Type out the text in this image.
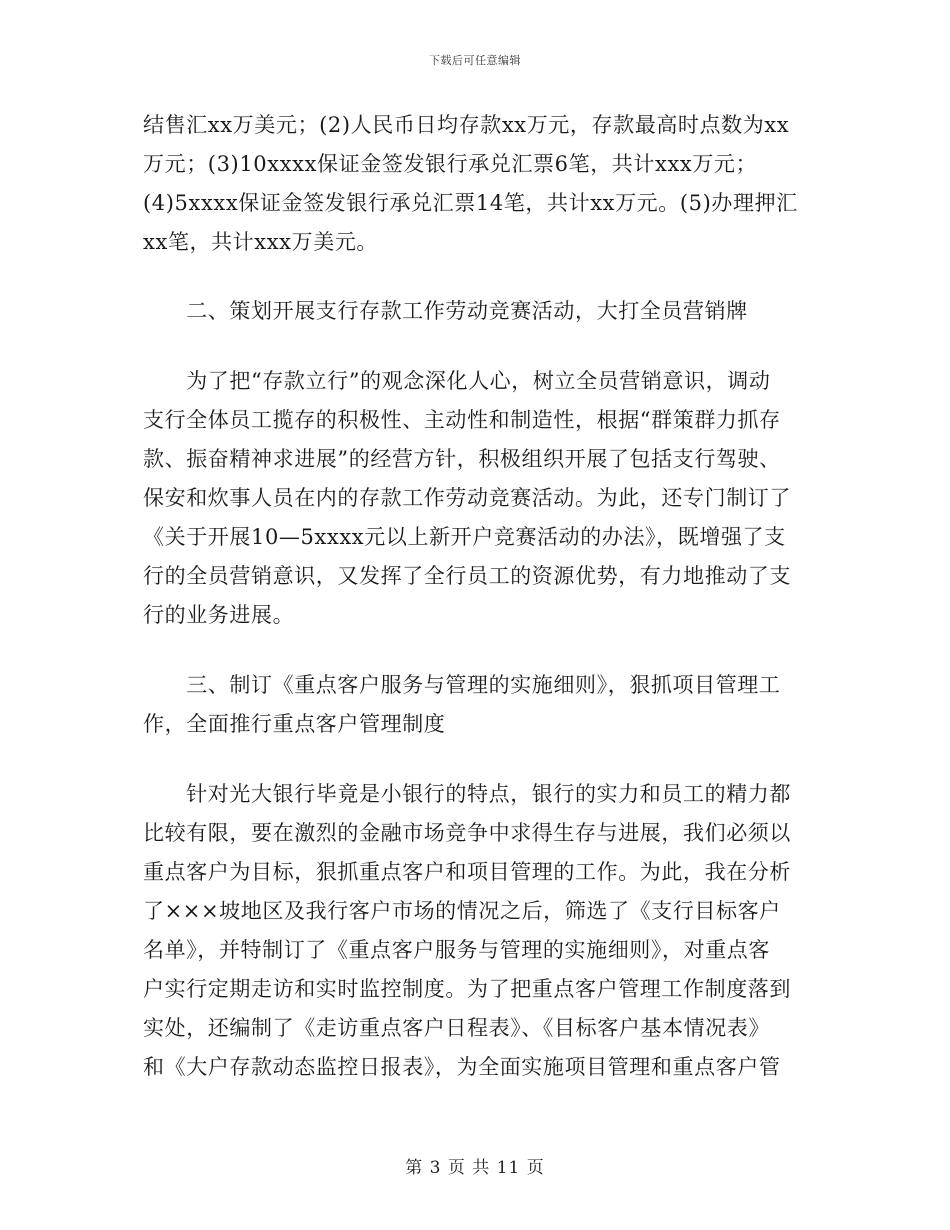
下载后可任意编辑

结售汇xx万美元；(2)人民币日均存款xx万元，存款最高时点数为xx
万元；(3)10xxxx保证金签发银行承兑汇票6笔，共计xxx万元；
(4)5xxxx保证金签发银行承兑汇票14笔，共计xx万元。(5)办理押汇
xx笔，共计xxx万美元。

　　二、策划开展支行存款工作劳动竞赛活动，大打全员营销牌

　　为了把“存款立行”的观念深化人心，树立全员营销意识，调动
支行全体员工揽存的积极性、主动性和制造性，根据“群策群力抓存
款、振奋精神求进展”的经营方针，积极组织开展了包括支行驾驶、
保安和炊事人员在内的存款工作劳动竞赛活动。为此，还专门制订了
《关于开展10—5xxxx元以上新开户竞赛活动的办法》，既增强了支
行的全员营销意识，又发挥了全行员工的资源优势，有力地推动了支
行的业务进展。

　　三、制订《重点客户服务与管理的实施细则》，狠抓项目管理工
作，全面推行重点客户管理制度

　　针对光大银行毕竟是小银行的特点，银行的实力和员工的精力都
比较有限，要在激烈的金融市场竞争中求得生存与进展，我们必须以
重点客户为目标，狠抓重点客户和项目管理的工作。为此，我在分析
了×××坡地区及我行客户市场的情况之后，筛选了《支行目标客户
名单》，并特制订了《重点客户服务与管理的实施细则》，对重点客
户实行定期走访和实时监控制度。为了把重点客户管理工作制度落到
实处，还编制了《走访重点客户日程表》、《目标客户基本情况表》
和《大户存款动态监控日报表》，为全面实施项目管理和重点客户管

第 3 页 共 11 页
